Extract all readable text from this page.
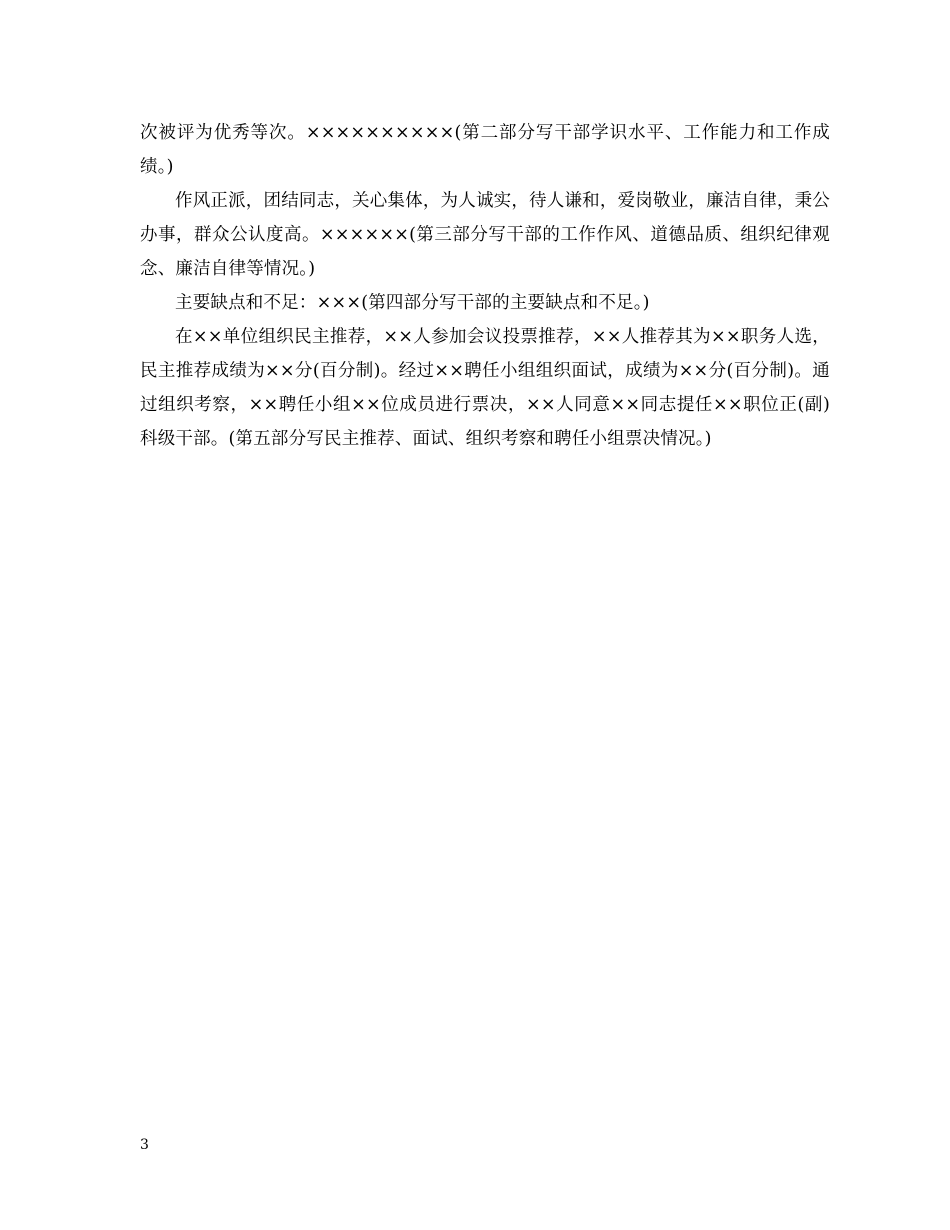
次被评为优秀等次。××××××××××(第二部分写干部学识水平、工作能力和工作成绩。)

作风正派，团结同志，关心集体，为人诚实，待人谦和，爱岗敬业，廉洁自律，秉公办事，群众公认度高。××××××(第三部分写干部的工作作风、道德品质、组织纪律观念、廉洁自律等情况。)

主要缺点和不足：×××(第四部分写干部的主要缺点和不足。)

在××单位组织民主推荐，××人参加会议投票推荐，××人推荐其为××职务人选，民主推荐成绩为××分(百分制)。经过××聘任小组组织面试，成绩为××分(百分制)。通过组织考察，××聘任小组××位成员进行票决，××人同意××同志提任××职位正(副)科级干部。(第五部分写民主推荐、面试、组织考察和聘任小组票决情况。)

3
